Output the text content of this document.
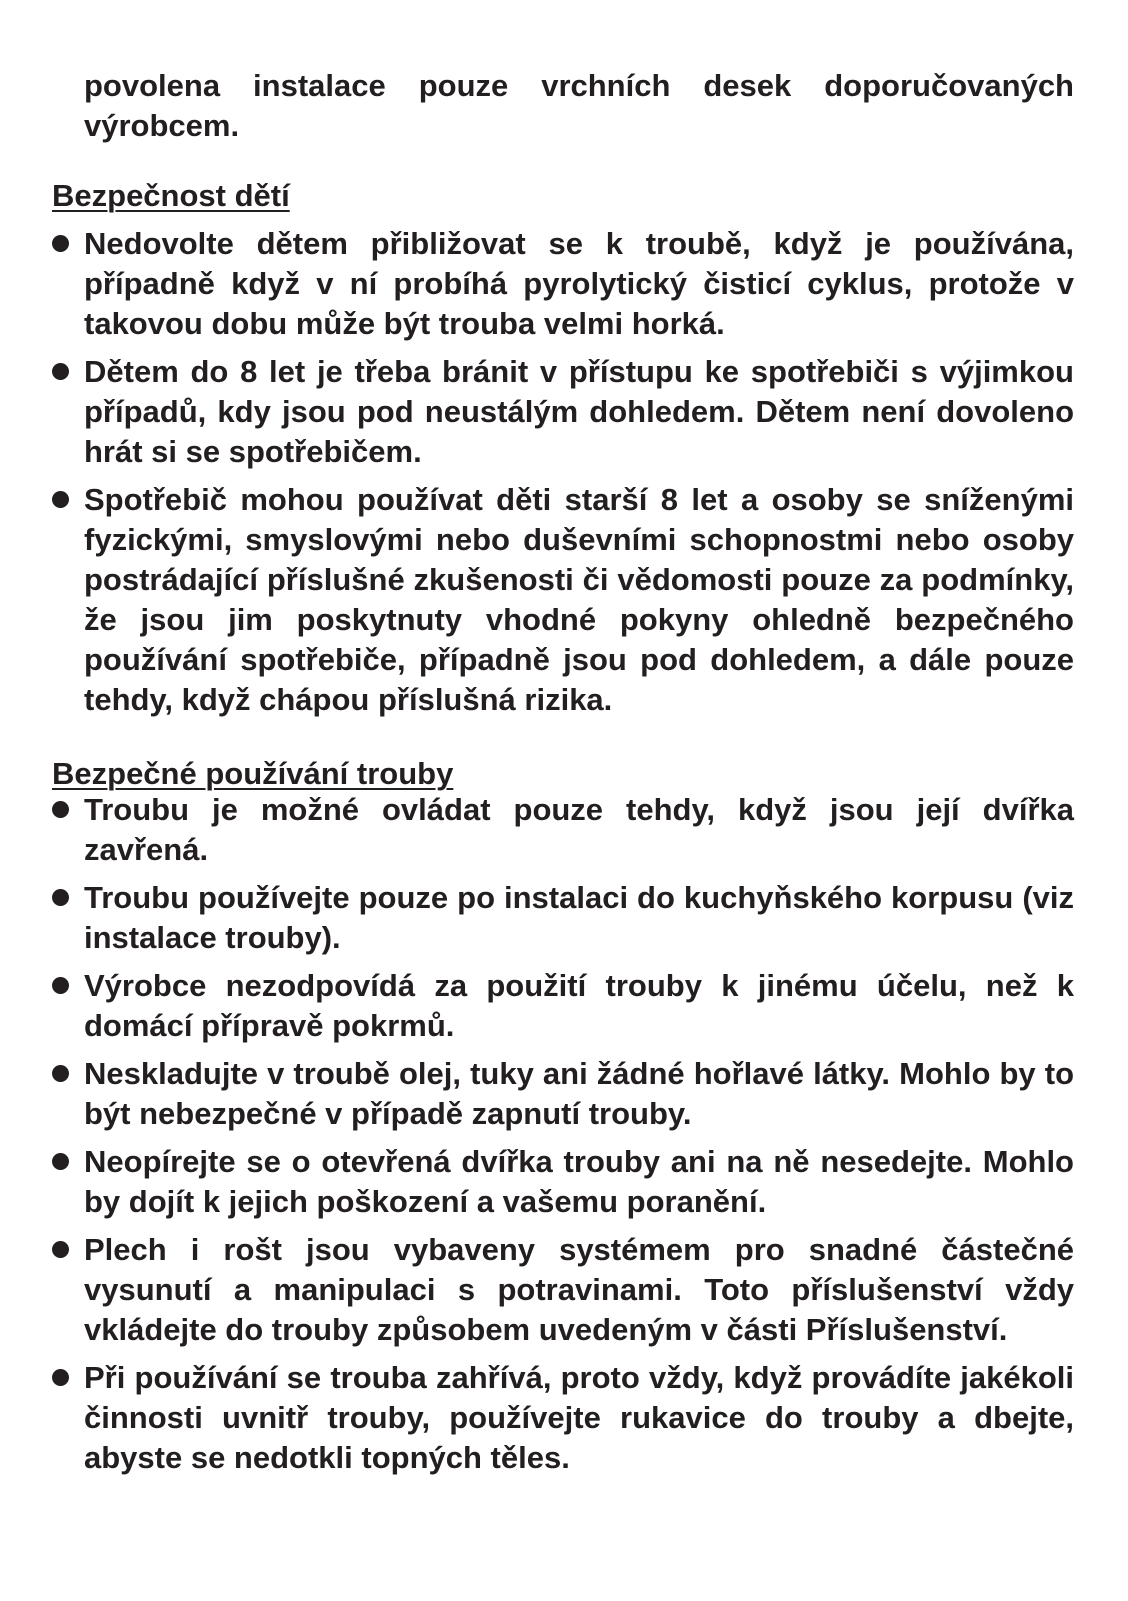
povolena instalace pouze vrchních desek doporučovaných výrobcem.

Bezpečnost dětí
Nedovolte dětem přibližovat se k troubě, když je používána, případně když v ní probíhá pyrolytický čisticí cyklus, protože v takovou dobu může být trouba velmi horká.
Dětem do 8 let je třeba bránit v přístupu ke spotřebiči s výjimkou případů, kdy jsou pod neustálým dohledem. Dětem není dovoleno hrát si se spotřebičem.
Spotřebič mohou používat děti starší 8 let a osoby se sníženými fyzickými, smyslovými nebo duševními schopnostmi nebo osoby postrádající příslušné zkušenosti či vědomosti pouze za podmínky, že jsou jim poskytnuty vhodné pokyny ohledně bezpečného používání spotřebiče, případně jsou pod dohledem, a dále pouze tehdy, když chápou příslušná rizika.
Bezpečné používání trouby
Troubu je možné ovládat pouze tehdy, když jsou její dvířka zavřená.
Troubu používejte pouze po instalaci do kuchyňského korpusu (viz instalace trouby).
Výrobce nezodpovídá za použití trouby k jinému účelu, než k domácí přípravě pokrmů.
Neskladujte v troubě olej, tuky ani žádné hořlavé látky. Mohlo by to být nebezpečné v případě zapnutí trouby.
Neopírejte se o otevřená dvířka trouby ani na ně nesedejte. Mohlo by dojít k jejich poškození a vašemu poranění.
Plech i rošt jsou vybaveny systémem pro snadné částečné vysunutí a manipulaci s potravinami. Toto příslušenství vždy vkládejte do trouby způsobem uvedeným v části Příslušenství.
Při používání se trouba zahřívá, proto vždy, když provádíte jakékoli činnosti uvnitř trouby, používejte rukavice do trouby a dbejte, abyste se nedotkli topných těles.
